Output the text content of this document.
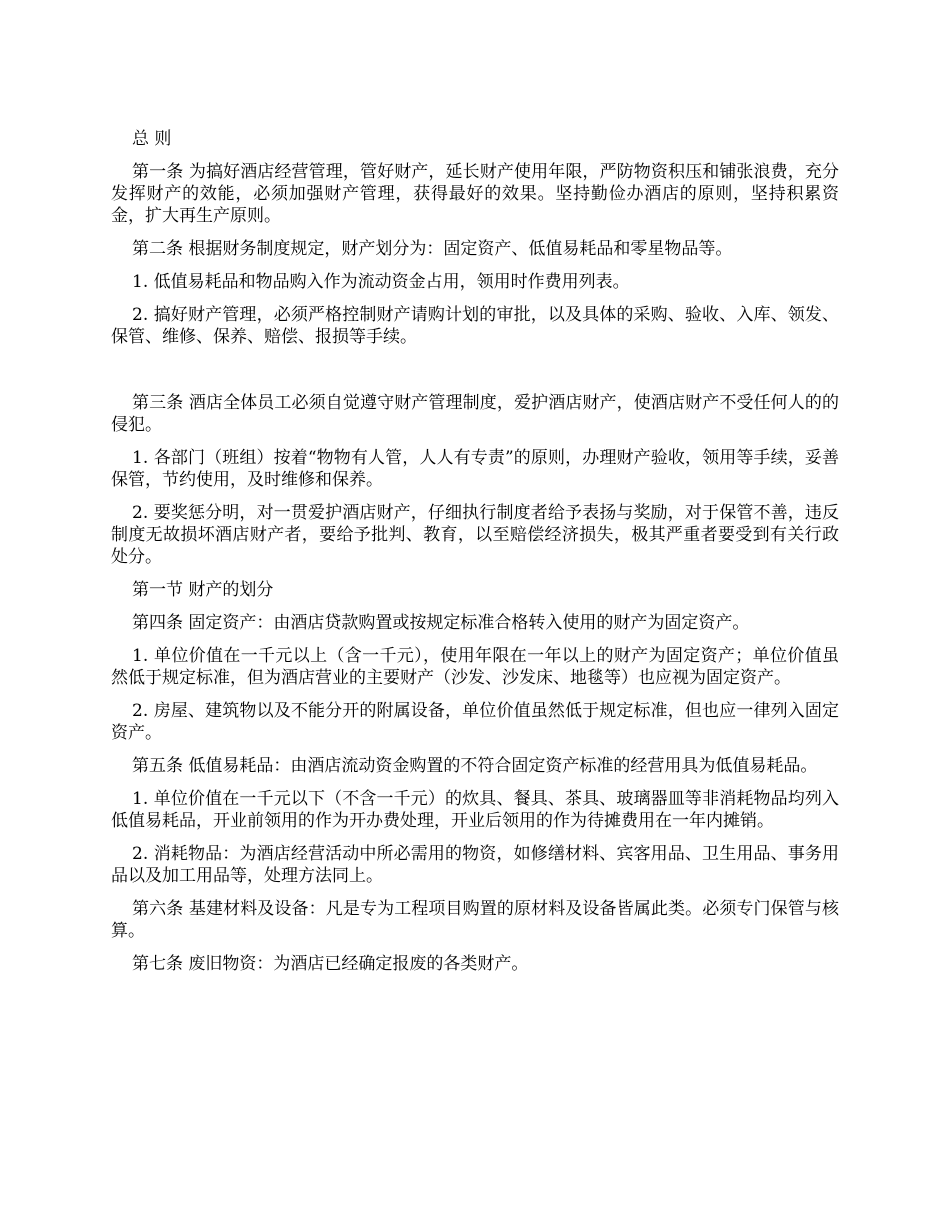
总 则

第一条 为搞好酒店经营管理，管好财产，延长财产使用年限，严防物资积压和铺张浪费，充分发挥财产的效能，必须加强财产管理，获得最好的效果。坚持勤俭办酒店的原则，坚持积累资金，扩大再生产原则。

第二条 根据财务制度规定，财产划分为：固定资产、低值易耗品和零星物品等。

1. 低值易耗品和物品购入作为流动资金占用，领用时作费用列表。

2. 搞好财产管理，必须严格控制财产请购计划的审批，以及具体的采购、验收、入库、领发、保管、维修、保养、赔偿、报损等手续。

第三条 酒店全体员工必须自觉遵守财产管理制度，爱护酒店财产，使酒店财产不受任何人的的侵犯。

1. 各部门（班组）按着“物物有人管，人人有专责”的原则，办理财产验收，领用等手续，妥善保管，节约使用，及时维修和保养。

2. 要奖惩分明，对一贯爱护酒店财产，仔细执行制度者给予表扬与奖励，对于保管不善，违反制度无故损坏酒店财产者，要给予批判、教育，以至赔偿经济损失，极其严重者要受到有关行政处分。

第一节 财产的划分

第四条 固定资产：由酒店贷款购置或按规定标准合格转入使用的财产为固定资产。

1. 单位价值在一千元以上（含一千元），使用年限在一年以上的财产为固定资产；单位价值虽然低于规定标准，但为酒店营业的主要财产（沙发、沙发床、地毯等）也应视为固定资产。

2. 房屋、建筑物以及不能分开的附属设备，单位价值虽然低于规定标准，但也应一律列入固定资产。

第五条 低值易耗品：由酒店流动资金购置的不符合固定资产标准的经营用具为低值易耗品。

1. 单位价值在一千元以下（不含一千元）的炊具、餐具、茶具、玻璃器皿等非消耗物品均列入低值易耗品，开业前领用的作为开办费处理，开业后领用的作为待摊费用在一年内摊销。

2. 消耗物品：为酒店经营活动中所必需用的物资，如修缮材料、宾客用品、卫生用品、事务用品以及加工用品等，处理方法同上。

第六条 基建材料及设备：凡是专为工程项目购置的原材料及设备皆属此类。必须专门保管与核算。

第七条 废旧物资：为酒店已经确定报废的各类财产。
